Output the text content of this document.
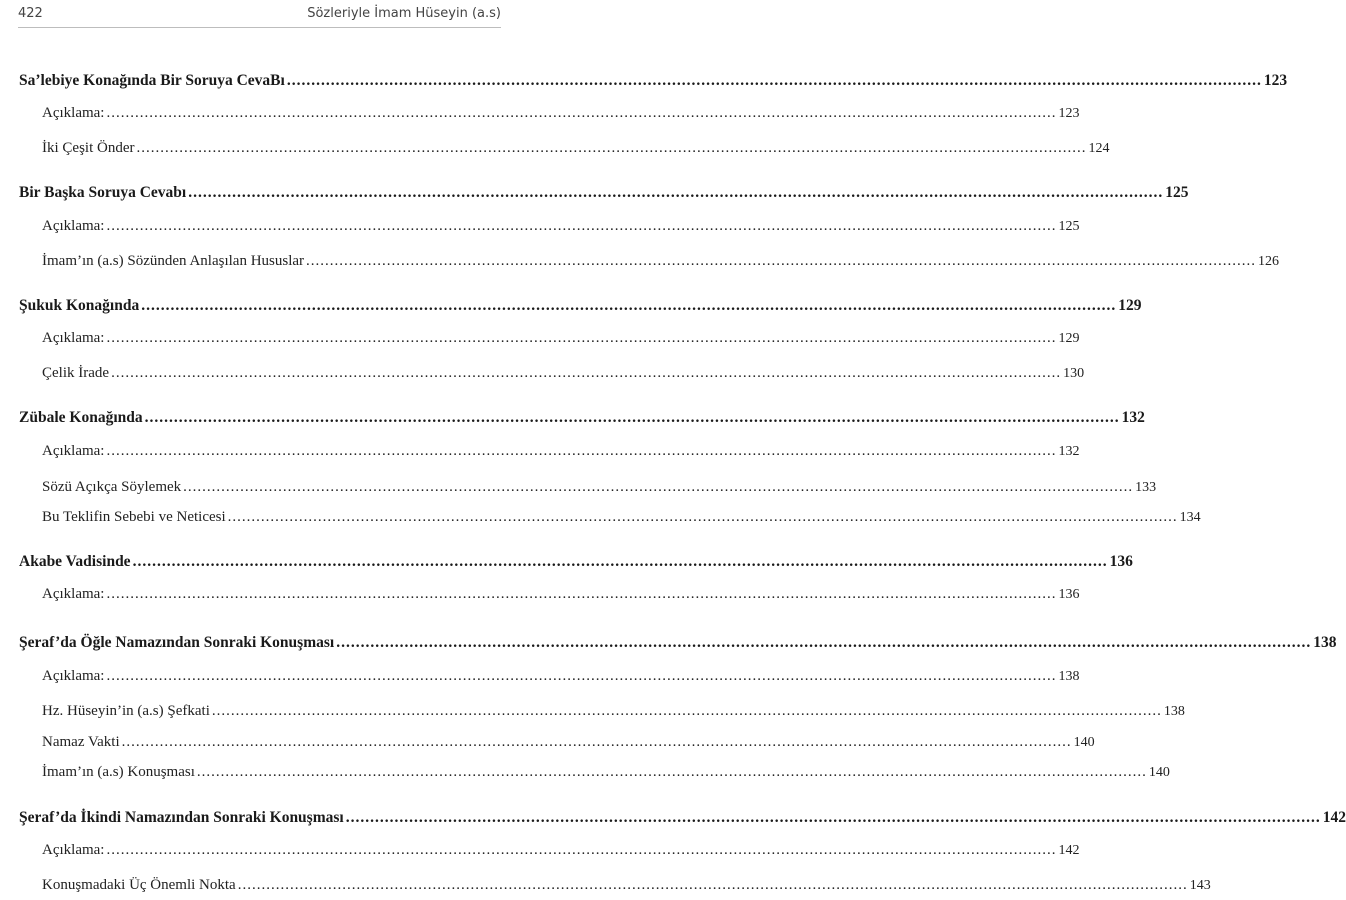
422	Sözleriyle İmam Hüseyin (a.s)
Sa’lebiye Konağında Bir Soruya CevaBı ........................................................................................................................................................................................................ 123
Açıklama: ........................................................................................................................................................................................................ 123
İki Çeşit Önder ........................................................................................................................................................................................................ 124
Bir Başka Soruya Cevabı ........................................................................................................................................................................................................ 125
Açıklama: ........................................................................................................................................................................................................ 125
İmam’ın (a.s) Sözünden Anlaşılan Hususlar ........................................................................................................................................................................................................ 126
Şukuk Konağında ........................................................................................................................................................................................................ 129
Açıklama: ........................................................................................................................................................................................................ 129
Çelik İrade ........................................................................................................................................................................................................ 130
Zübale Konağında ........................................................................................................................................................................................................ 132
Açıklama: ........................................................................................................................................................................................................ 132
Sözü Açıkça Söylemek ........................................................................................................................................................................................................ 133
Bu Teklifin Sebebi ve Neticesi ........................................................................................................................................................................................................ 134
Akabe Vadisinde ........................................................................................................................................................................................................ 136
Açıklama: ........................................................................................................................................................................................................ 136
Şeraf’da Öğle Namazından Sonraki Konuşması ........................................................................................................................................................................................................ 138
Açıklama: ........................................................................................................................................................................................................ 138
Hz. Hüseyin’in (a.s) Şefkati ........................................................................................................................................................................................................ 138
Namaz Vakti ........................................................................................................................................................................................................ 140
İmam’ın (a.s) Konuşması ........................................................................................................................................................................................................ 140
Şeraf’da İkindi Namazından Sonraki Konuşması ........................................................................................................................................................................................................ 142
Açıklama: ........................................................................................................................................................................................................ 142
Konuşmadaki Üç Önemli Nokta ........................................................................................................................................................................................................ 143
